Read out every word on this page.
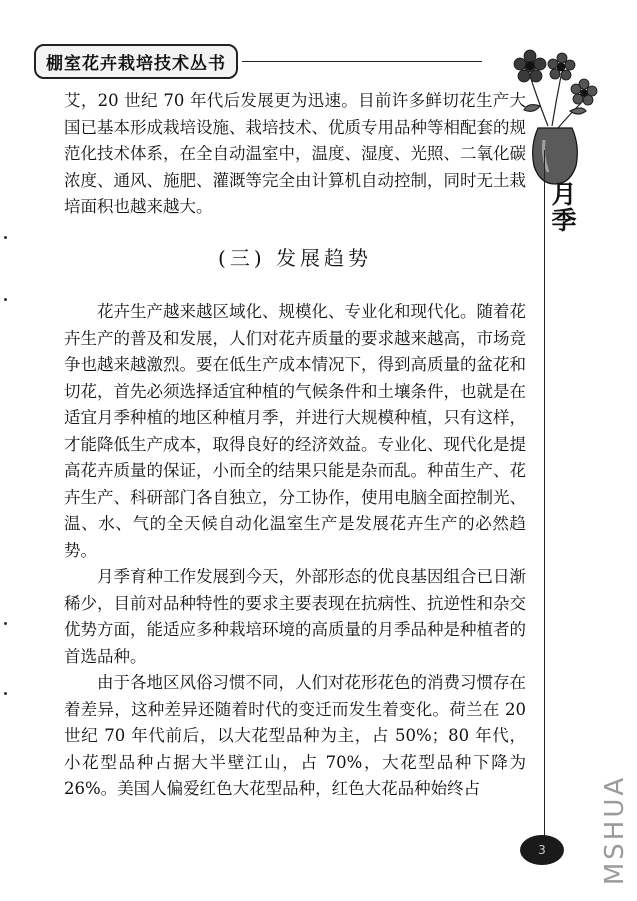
棚室花卉栽培技术丛书
月季

艾，20 世纪 70 年代后发展更为迅速。目前许多鲜切花生产大国已基本形成栽培设施、栽培技术、优质专用品种等相配套的规范化技术体系，在全自动温室中，温度、湿度、光照、二氧化碳浓度、通风、施肥、灌溉等完全由计算机自动控制，同时无土栽培面积也越来越大。

(三) 发展趋势

花卉生产越来越区域化、规模化、专业化和现代化。随着花卉生产的普及和发展，人们对花卉质量的要求越来越高，市场竞争也越来越激烈。要在低生产成本情况下，得到高质量的盆花和切花，首先必须选择适宜种植的气候条件和土壤条件，也就是在适宜月季种植的地区种植月季，并进行大规模种植，只有这样，才能降低生产成本，取得良好的经济效益。专业化、现代化是提高花卉质量的保证，小而全的结果只能是杂而乱。种苗生产、花卉生产、科研部门各自独立，分工协作，使用电脑全面控制光、温、水、气的全天候自动化温室生产是发展花卉生产的必然趋势。

月季育种工作发展到今天，外部形态的优良基因组合已日渐稀少，目前对品种特性的要求主要表现在抗病性、抗逆性和杂交优势方面，能适应多种栽培环境的高质量的月季品种是种植者的首选品种。

由于各地区风俗习惯不同，人们对花形花色的消费习惯存在着差异，这种差异还随着时代的变迁而发生着变化。荷兰在 20 世纪 70 年代前后，以大花型品种为主，占 50%；80 年代，小花型品种占据大半壁江山，占 70%，大花型品种下降为 26%。美国人偏爱红色大花型品种，红色大花品种始终占

3	MSHUA
